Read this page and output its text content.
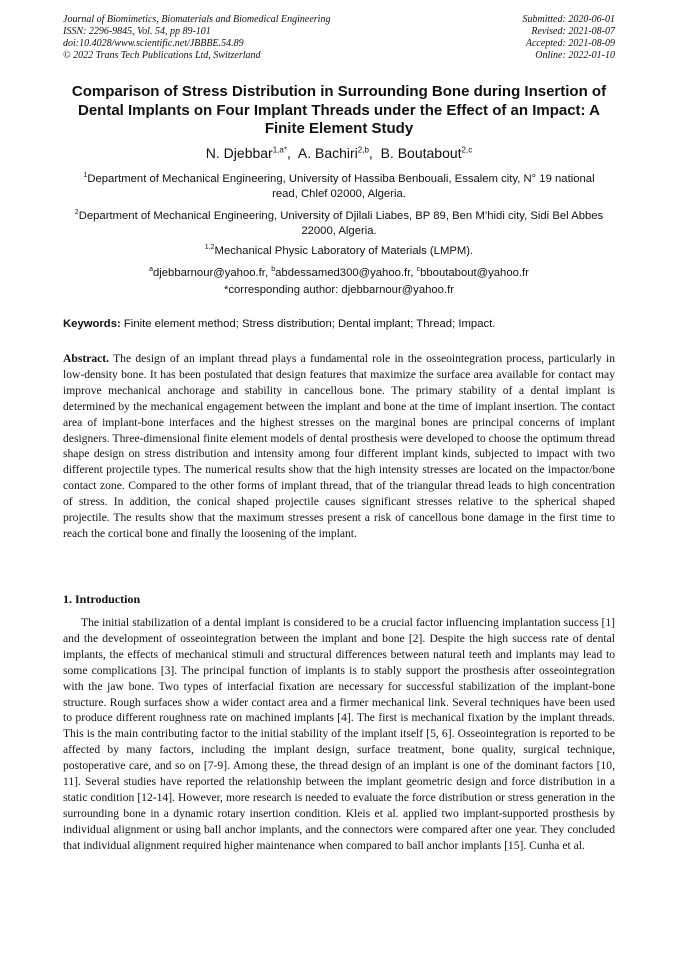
Journal of Biomimetics, Biomaterials and Biomedical Engineering
ISSN: 2296-9845, Vol. 54, pp 89-101
doi:10.4028/www.scientific.net/JBBBE.54.89
© 2022 Trans Tech Publications Ltd, Switzerland
Submitted: 2020-06-01
Revised: 2021-08-07
Accepted: 2021-08-09
Online: 2022-01-10
Comparison of Stress Distribution in Surrounding Bone during Insertion of Dental Implants on Four Implant Threads under the Effect of an Impact: A Finite Element Study
N. Djebbar$^{1,a*}$,  A. Bachiri$^{2,b}$,  B. Boutabout$^{2,c}$
$^1$Department of Mechanical Engineering, University of Hassiba Benbouali, Essalem city, N° 19 national read, Chlef 02000, Algeria.
$^2$Department of Mechanical Engineering, University of Djilali Liabes, BP 89, Ben M’hidi city, Sidi Bel Abbes 22000, Algeria.
$^{1,2}$Mechanical Physic Laboratory of Materials (LMPM).
$^a$djebbarnour@yahoo.fr, $^b$abdessamed300@yahoo.fr, $^c$bboutabout@yahoo.fr
*corresponding author: djebbarnour@yahoo.fr
Keywords: Finite element method; Stress distribution; Dental implant; Thread; Impact.

Abstract. The design of an implant thread plays a fundamental role in the osseointegration process, particularly in low-density bone. It has been postulated that design features that maximize the surface area available for contact may improve mechanical anchorage and stability in cancellous bone. The primary stability of a dental implant is determined by the mechanical engagement between the implant and bone at the time of implant insertion. The contact area of implant-bone interfaces and the highest stresses on the marginal bones are principal concerns of implant designers. Three-dimensional finite element models of dental prosthesis were developed to choose the optimum thread shape design on stress distribution and intensity among four different implant kinds, subjected to impact with two different projectile types. The numerical results show that the high intensity stresses are located on the impactor/bone contact zone. Compared to the other forms of implant thread, that of the triangular thread leads to high concentration of stress. In addition, the conical shaped projectile causes significant stresses relative to the spherical shaped projectile. The results show that the maximum stresses present a risk of cancellous bone damage in the first time to reach the cortical bone and finally the loosening of the implant.

1. Introduction

The initial stabilization of a dental implant is considered to be a crucial factor influencing implantation success [1] and the development of osseointegration between the implant and bone [2]. Despite the high success rate of dental implants, the effects of mechanical stimuli and structural differences between natural teeth and implants may lead to some complications [3]. The principal function of implants is to stably support the prosthesis after osseointegration with the jaw bone. Two types of interfacial fixation are necessary for successful stabilization of the implant-bone structure. Rough surfaces show a wider contact area and a firmer mechanical link. Several techniques have been used to produce different roughness rate on machined implants [4]. The first is mechanical fixation by the implant threads. This is the main contributing factor to the initial stability of the implant itself [5, 6]. Osseointegration is reported to be affected by many factors, including the implant design, surface treatment, bone quality, surgical technique, postoperative care, and so on [7-9]. Among these, the thread design of an implant is one of the dominant factors [10, 11]. Several studies have reported the relationship between the implant geometric design and force distribution in a static condition [12-14]. However, more research is needed to evaluate the force distribution or stress generation in the surrounding bone in a dynamic rotary insertion condition. Kleis et al. applied two implant-supported prosthesis by individual alignment or using ball anchor implants, and the connectors were compared after one year. They concluded that individual alignment required higher maintenance when compared to ball anchor implants [15]. Cunha et al.
